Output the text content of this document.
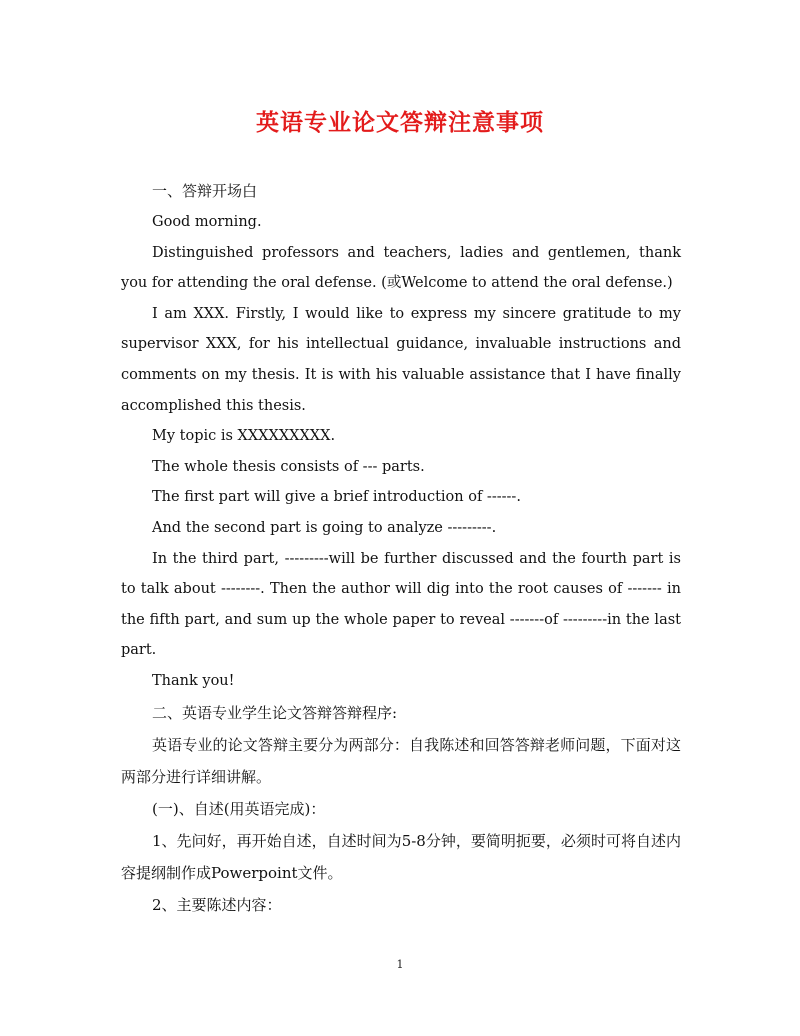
英语专业论文答辩注意事项

一、答辩开场白

Good morning.

Distinguished professors and teachers, ladies and gentlemen, thank you for attending the oral defense. (或Welcome to attend the oral defense.)

I am XXX. Firstly, I would like to express my sincere gratitude to my supervisor XXX, for his intellectual guidance, invaluable instructions and comments on my thesis. It is with his valuable assistance that I have finally accomplished this thesis.

My topic is XXXXXXXXX.

The whole thesis consists of --- parts.

The first part will give a brief introduction of ------.

And the second part is going to analyze ---------.

In the third part, ---------will be further discussed and the fourth part is to talk about --------. Then the author will dig into the root causes of ------- in the fifth part, and sum up the whole paper to reveal -------of ---------in the last part.

Thank you!

二、英语专业学生论文答辩答辩程序:

英语专业的论文答辩主要分为两部分：自我陈述和回答答辩老师问题，下面对这两部分进行详细讲解。

(一)、自述(用英语完成)：

1、先问好，再开始自述，自述时间为5-8分钟，要简明扼要，必须时可将自述内容提纲制作成Powerpoint文件。

2、主要陈述内容：

1
